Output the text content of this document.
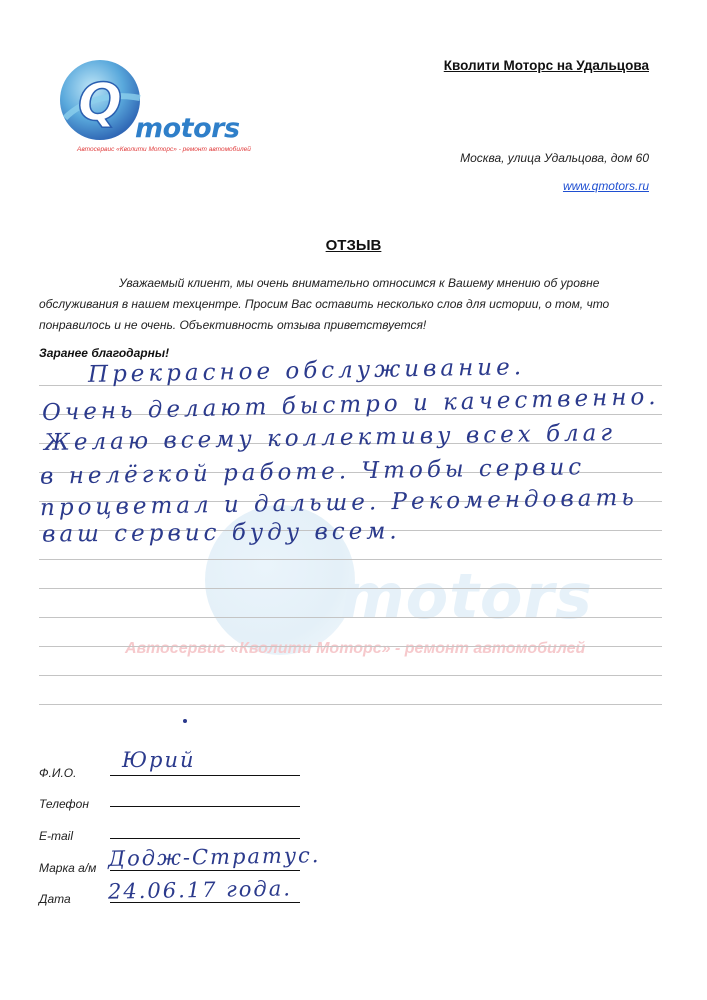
motors
Автосервис «Кволити Моторс» - ремонт автомобилей
Q motors
Автосервис «Кволити Моторс» - ремонт автомобилей
Кволити Моторс на Удальцова
Москва, улица Удальцова, дом 60
www.qmotors.ru
ОТЗЫВ
Уважаемый клиент, мы очень внимательно относимся к Вашему мнению об уровне обслуживания в нашем техцентре. Просим Вас оставить несколько слов для истории, о том, что понравилось и не очень. Объективность отзыва приветствуется!
Заранее благодарны!
Прекрасное обслуживание.
Очень делают быстро и качественно.
Желаю всему коллективу всех благ
в нелёгкой работе. Чтобы сервис
процветал и дальше. Рекомендовать
ваш сервис буду всем.
Ф.И.О.
Юрий
Телефон
E-mail
Марка а/м Додж-Стратус.
Дата 24.06.17 года.
